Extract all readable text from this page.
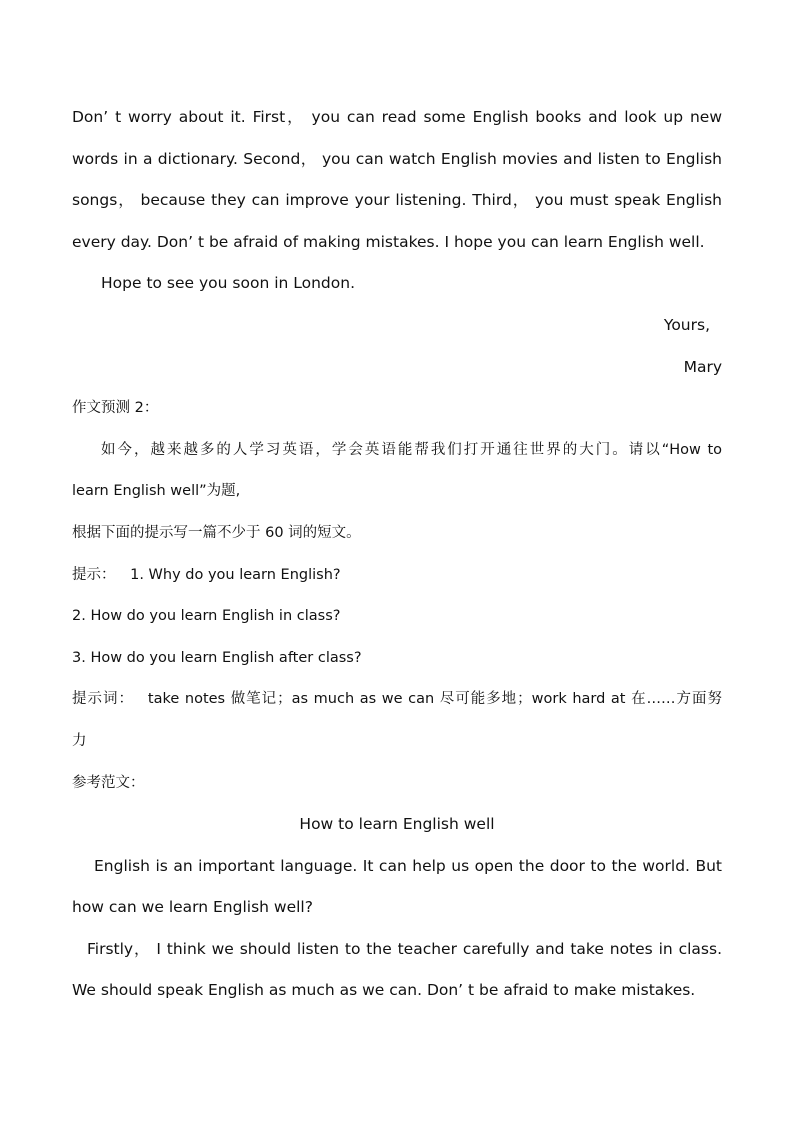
Don’ t worry about it. First， you can read some English books and look up new
words in a dictionary. Second， you can watch English movies and listen to English
songs， because they can improve your listening. Third， you must speak English
every day. Don’ t be afraid of making mistakes. I hope you can learn English well.
Hope to see you soon in London.
Yours,
Mary
作文预测 2：
如今，越来越多的人学习英语，学会英语能帮我们打开通往世界的大门。请以“How to
learn English well”为题,
根据下面的提示写一篇不少于 60 词的短文。
提示： 1. Why do you learn English?
2. How do you learn English in class?
3. How do you learn English after class?
提示词： take notes 做笔记；as much as we can 尽可能多地；work hard at 在……方面努
力
参考范文：
How to learn English well
English is an important language. It can help us open the door to the world. But
how can we learn English well?
Firstly， I think we should listen to the teacher carefully and take notes in class.
We should speak English as much as we can. Don’ t be afraid to make mistakes.
